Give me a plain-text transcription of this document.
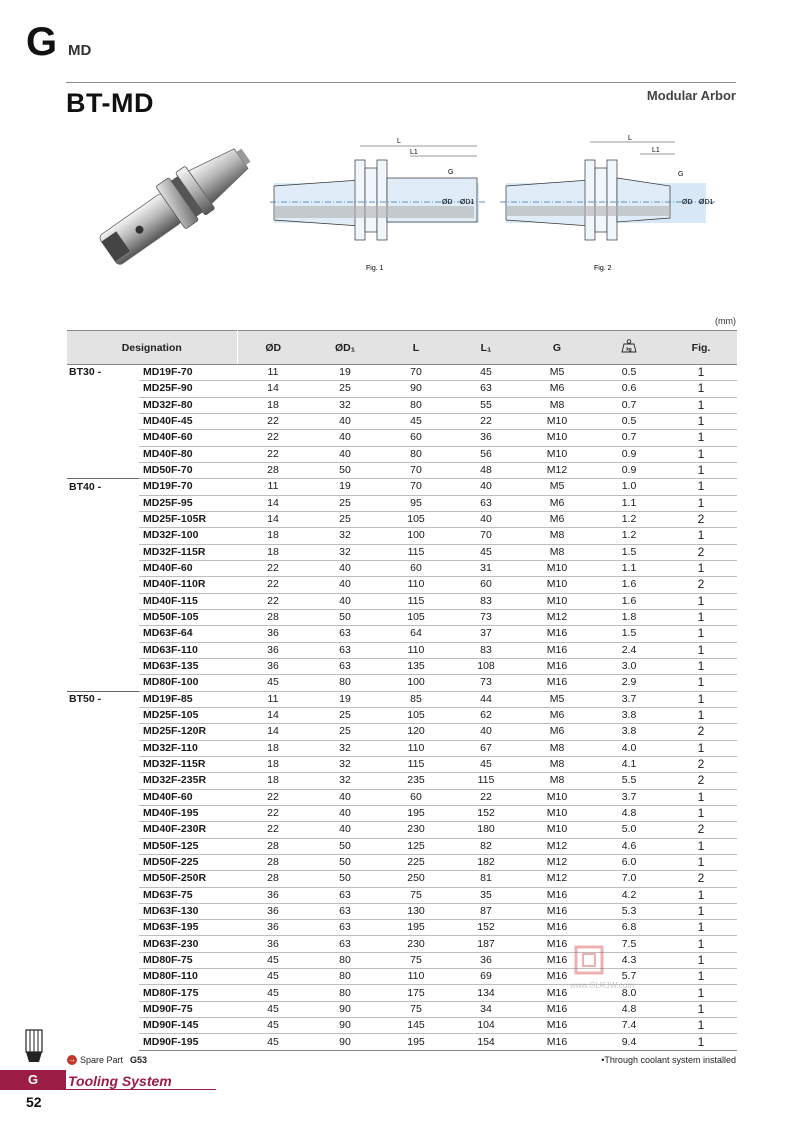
G MD
BT-MD	Modular Arbor
L
L1
G
ØD ØD1
Fig. 1
L
L1
G
ØD ØD1
Fig. 2
(mm)
Designation		ØD	ØD₁	L	L₁	G	kg	Fig.
BT30 -	MD19F-70	11	19	70	45	M5	0.5	1
	MD25F-90	14	25	90	63	M6	0.6	1
	MD32F-80	18	32	80	55	M8	0.7	1
	MD40F-45	22	40	45	22	M10	0.5	1
	MD40F-60	22	40	60	36	M10	0.7	1
	MD40F-80	22	40	80	56	M10	0.9	1
	MD50F-70	28	50	70	48	M12	0.9	1
BT40 -	MD19F-70	11	19	70	40	M5	1.0	1
	MD25F-95	14	25	95	63	M6	1.1	1
	MD25F-105R	14	25	105	40	M6	1.2	2
	MD32F-100	18	32	100	70	M8	1.2	1
	MD32F-115R	18	32	115	45	M8	1.5	2
	MD40F-60	22	40	60	31	M10	1.1	1
	MD40F-110R	22	40	110	60	M10	1.6	2
	MD40F-115	22	40	115	83	M10	1.6	1
	MD50F-105	28	50	105	73	M12	1.8	1
	MD63F-64	36	63	64	37	M16	1.5	1
	MD63F-110	36	63	110	83	M16	2.4	1
	MD63F-135	36	63	135	108	M16	3.0	1
	MD80F-100	45	80	100	73	M16	2.9	1
BT50 -	MD19F-85	11	19	85	44	M5	3.7	1
	MD25F-105	14	25	105	62	M6	3.8	1
	MD25F-120R	14	25	120	40	M6	3.8	2
	MD32F-110	18	32	110	67	M8	4.0	1
	MD32F-115R	18	32	115	45	M8	4.1	2
	MD32F-235R	18	32	235	115	M8	5.5	2
	MD40F-60	22	40	60	22	M10	3.7	1
	MD40F-195	22	40	195	152	M10	4.8	1
	MD40F-230R	22	40	230	180	M10	5.0	2
	MD50F-125	28	50	125	82	M12	4.6	1
	MD50F-225	28	50	225	182	M12	6.0	1
	MD50F-250R	28	50	250	81	M12	7.0	2
	MD63F-75	36	63	75	35	M16	4.2	1
	MD63F-130	36	63	130	87	M16	5.3	1
	MD63F-195	36	63	195	152	M16	6.8	1
	MD63F-230	36	63	230	187	M16	7.5	1
	MD80F-75	45	80	75	36	M16	4.3	1
	MD80F-110	45	80	110	69	M16	5.7	1
	MD80F-175	45	80	175	134	M16	8.0	1
	MD90F-75	45	90	75	34	M16	4.8	1
	MD90F-145	45	90	145	104	M16	7.4	1
	MD90F-195	45	90	195	154	M16	9.4	1
www.GLRJW.com
→ Spare Part G53	•Through coolant system installed
G	Tooling System
52
